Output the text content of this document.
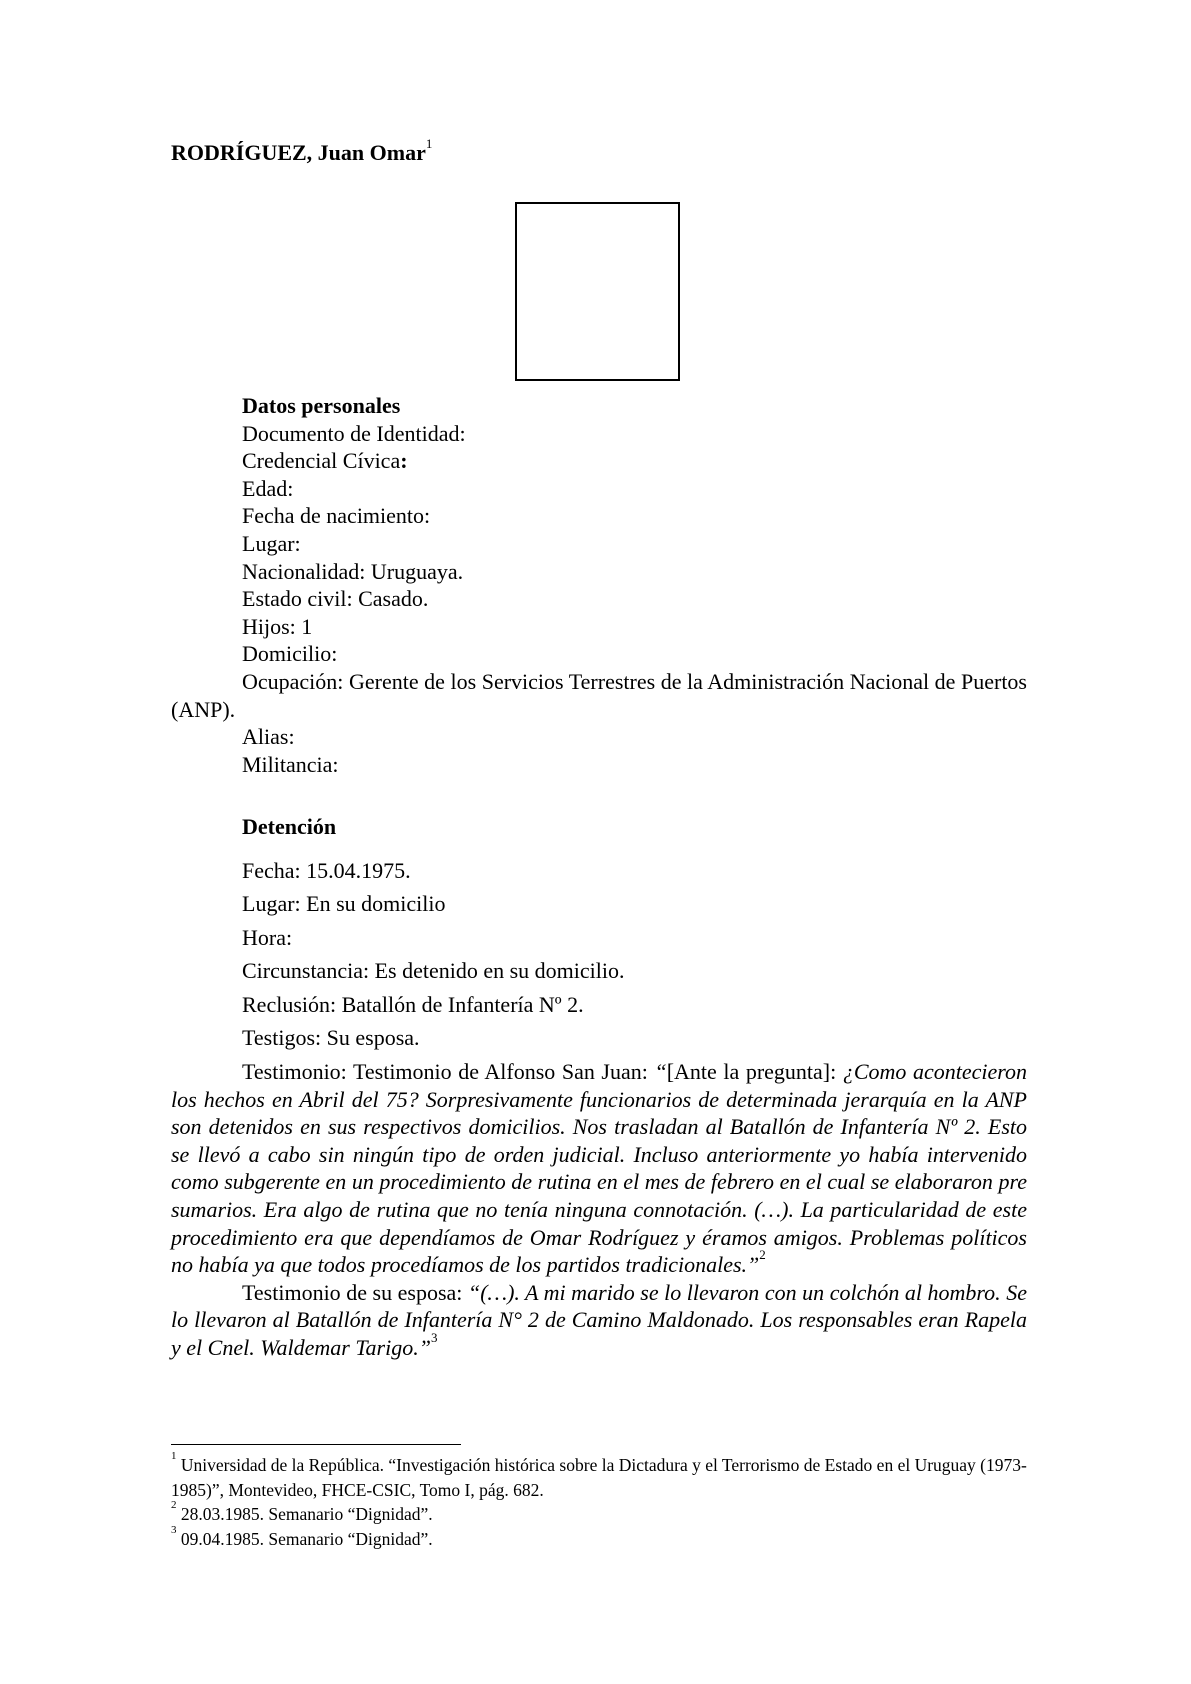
RODRÍGUEZ, Juan Omar$^1$
Datos personales
Documento de Identidad:
Credencial Cívica:
Edad:
Fecha de nacimiento:
Lugar:
Nacionalidad: Uruguaya.
Estado civil: Casado.
Hijos: 1
Domicilio:
Ocupación: Gerente de los Servicios Terrestres de la Administración Nacional de Puertos (ANP).
Alias:
Militancia:
Detención
Fecha: 15.04.1975.
Lugar: En su domicilio
Hora:
Circunstancia: Es detenido en su domicilio.
Reclusión: Batallón de Infantería Nº 2.
Testigos: Su esposa.
Testimonio: Testimonio de Alfonso San Juan: “[Ante la pregunta]: ¿Como acontecieron los hechos en Abril del 75? Sorpresivamente funcionarios de determinada jerarquía en la ANP son detenidos en sus respectivos domicilios. Nos trasladan al Batallón de Infantería Nº 2. Esto se llevó a cabo sin ningún tipo de orden judicial. Incluso anteriormente yo había intervenido como subgerente en un procedimiento de rutina en el mes de febrero en el cual se elaboraron pre sumarios. Era algo de rutina que no tenía ninguna connotación. (…). La particularidad de este procedimiento era que dependíamos de Omar Rodríguez y éramos amigos. Problemas políticos no había ya que todos procedíamos de los partidos tradicionales.”$^2$
Testimonio de su esposa: “(…). A mi marido se lo llevaron con un colchón al hombro. Se lo llevaron al Batallón de Infantería N° 2 de Camino Maldonado. Los responsables eran Rapela y el Cnel. Waldemar Tarigo.”$^3$
$^1$ Universidad de la República. “Investigación histórica sobre la Dictadura y el Terrorismo de Estado en el Uruguay (1973-1985)”, Montevideo, FHCE-CSIC, Tomo I, pág. 682.
$^2$ 28.03.1985. Semanario “Dignidad”.
$^3$ 09.04.1985. Semanario “Dignidad”.
